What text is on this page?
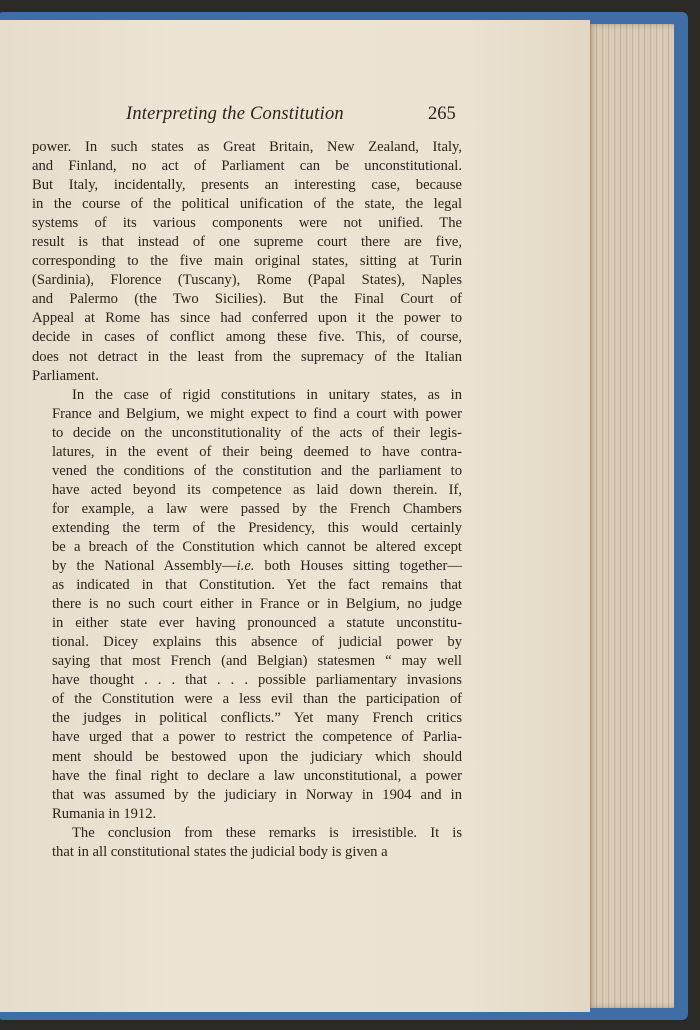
Interpreting the Constitution	265

power. In such states as Great Britain, New Zealand, Italy,
and Finland, no act of Parliament can be unconstitutional.
But Italy, incidentally, presents an interesting case, because
in the course of the political unification of the state, the legal
systems of its various components were not unified. The
result is that instead of one supreme court there are five,
corresponding to the five main original states, sitting at Turin
(Sardinia), Florence (Tuscany), Rome (Papal States), Naples
and Palermo (the Two Sicilies). But the Final Court of
Appeal at Rome has since had conferred upon it the power to
decide in cases of conflict among these five. This, of course,
does not detract in the least from the supremacy of the Italian
Parliament.

In the case of rigid constitutions in unitary states, as in
France and Belgium, we might expect to find a court with power
to decide on the unconstitutionality of the acts of their legis-
latures, in the event of their being deemed to have contra-
vened the conditions of the constitution and the parliament to
have acted beyond its competence as laid down therein. If,
for example, a law were passed by the French Chambers
extending the term of the Presidency, this would certainly
be a breach of the Constitution which cannot be altered except
by the National Assembly—i.e. both Houses sitting together—
as indicated in that Constitution. Yet the fact remains that
there is no such court either in France or in Belgium, no judge
in either state ever having pronounced a statute unconstitu-
tional. Dicey explains this absence of judicial power by
saying that most French (and Belgian) statesmen “ may well
have thought . . . that . . . possible parliamentary invasions
of the Constitution were a less evil than the participation of
the judges in political conflicts.” Yet many French critics
have urged that a power to restrict the competence of Parlia-
ment should be bestowed upon the judiciary which should
have the final right to declare a law unconstitutional, a power
that was assumed by the judiciary in Norway in 1904 and in
Rumania in 1912.

The conclusion from these remarks is irresistible. It is
that in all constitutional states the judicial body is given a
